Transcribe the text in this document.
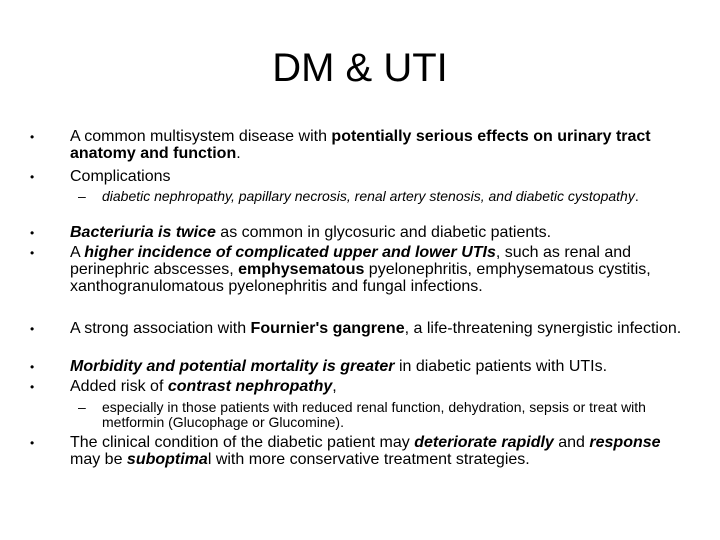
DM & UTI
•	A common multisystem disease with potentially serious effects on urinary tract anatomy and function.
•	Complications
– diabetic nephropathy, papillary necrosis, renal artery stenosis, and diabetic cystopathy.
•	Bacteriuria is twice as common in glycosuric and diabetic patients.
•	A higher incidence of complicated upper and lower UTIs, such as renal and perinephric abscesses, emphysematous pyelonephritis, emphysematous cystitis, xanthogranulomatous pyelonephritis and fungal infections.
•	A strong association with Fournier's gangrene, a life-threatening synergistic infection.
•	Morbidity and potential mortality is greater in diabetic patients with UTIs.
•	Added risk of contrast nephropathy,
– especially in those patients with reduced renal function, dehydration, sepsis or treat with metformin (Glucophage or Glucomine).
•	The clinical condition of the diabetic patient may deteriorate rapidly and response may be suboptimal with more conservative treatment strategies.
